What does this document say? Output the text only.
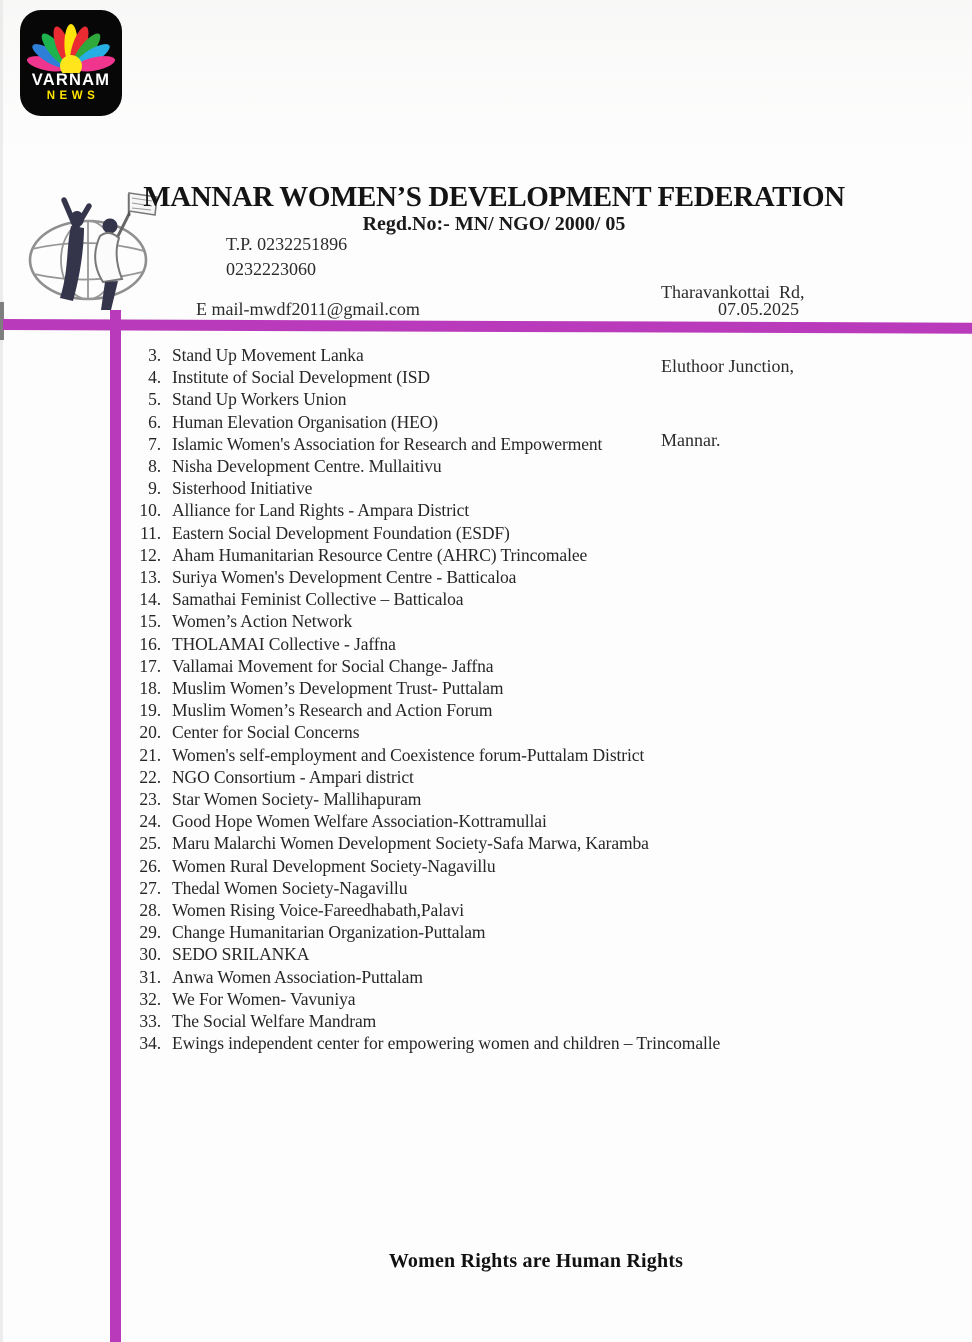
VARNAM
NEWS
MANNAR WOMEN’S DEVELOPMENT FEDERATION
Regd.No:- MN/ NGO/ 2000/ 05
T.P. 0232251896
0232223060

Tharavankottai  Rd,

Eluthoor Junction,

Mannar.

E mail-mwdf2011@gmail.com	07.05.2025
3. Stand Up Movement Lanka
4. Institute of Social Development (ISD
5. Stand Up Workers Union
6. Human Elevation Organisation (HEO)
7. Islamic Women's Association for Research and Empowerment
8. Nisha Development Centre. Mullaitivu
9. Sisterhood Initiative
10. Alliance for Land Rights - Ampara District
11. Eastern Social Development Foundation (ESDF)
12. Aham Humanitarian Resource Centre (AHRC) Trincomalee
13. Suriya Women's Development Centre - Batticaloa
14. Samathai Feminist Collective – Batticaloa
15. Women’s Action Network
16. THOLAMAI Collective - Jaffna
17. Vallamai Movement for Social Change- Jaffna
18. Muslim Women’s Development Trust- Puttalam
19. Muslim Women’s Research and Action Forum
20. Center for Social Concerns
21. Women's self-employment and Coexistence forum-Puttalam District
22. NGO Consortium - Ampari district
23. Star Women Society- Mallihapuram
24. Good Hope Women Welfare Association-Kottramullai
25. Maru Malarchi Women Development Society-Safa Marwa, Karamba
26. Women Rural Development Society-Nagavillu
27. Thedal Women Society-Nagavillu
28. Women Rising Voice-Fareedhabath,Palavi
29. Change Humanitarian Organization-Puttalam
30. SEDO SRILANKA
31. Anwa Women Association-Puttalam
32. We For Women- Vavuniya
33. The Social Welfare Mandram
34. Ewings independent center for empowering women and children – Trincomalle
Women Rights are Human Rights
